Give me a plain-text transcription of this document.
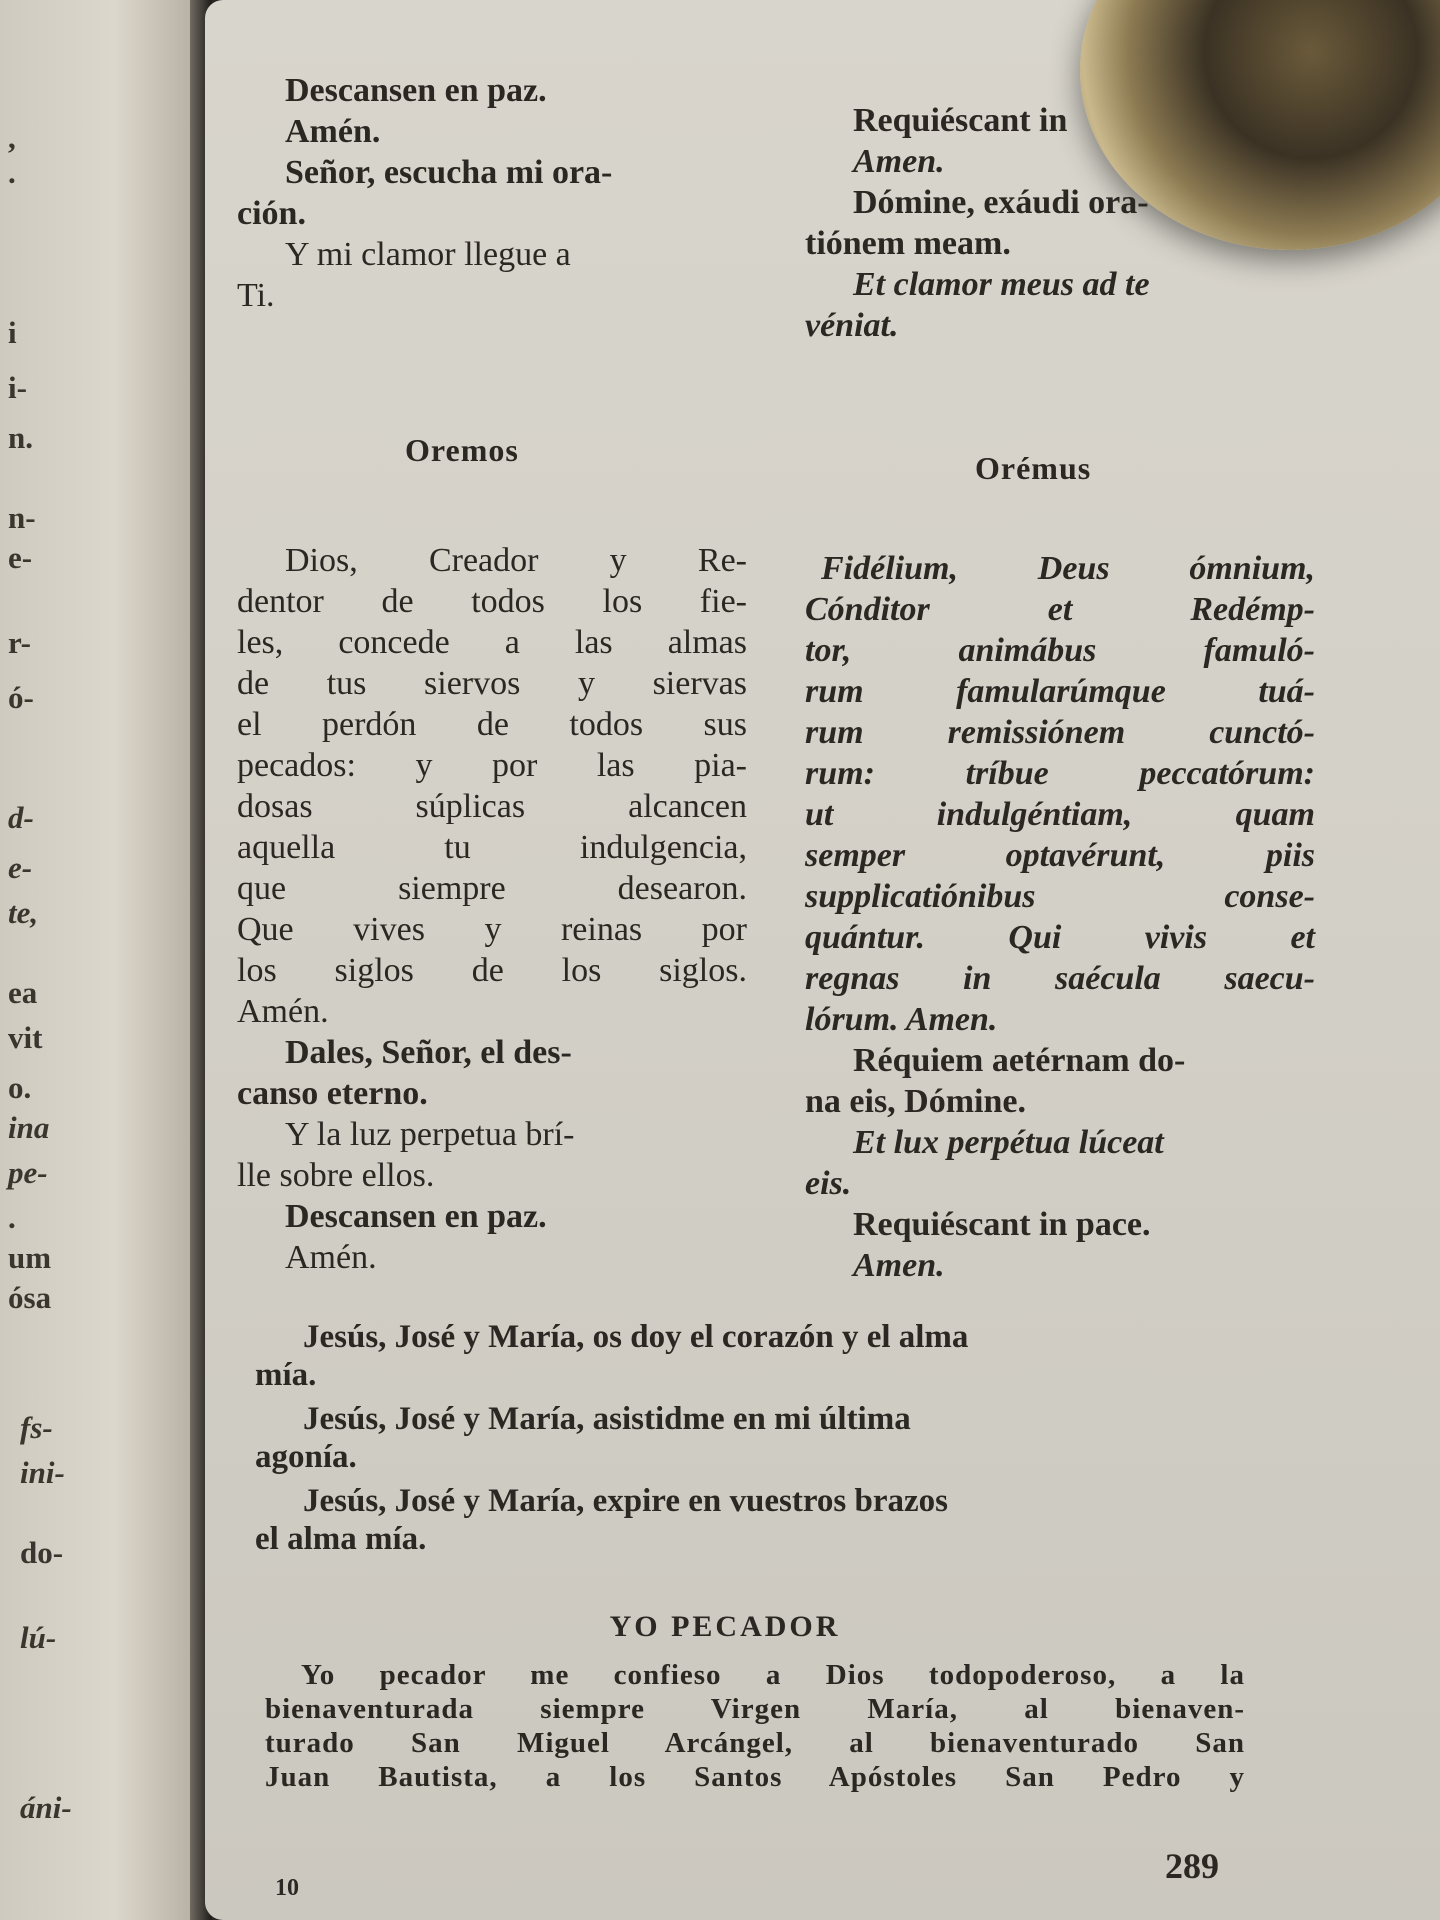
,
.
i
i-
n.
n-
e-
r-
ó-
d-
e-
te,
ea
vit
o.
ina
pe-
.
um
ósa
fs-
ini-
do-
lú-
áni-

Descansen en paz.

Amén.

Señor, escucha mi ora-

ción.

Y mi clamor llegue a

Ti.

Requiéscant in

Amen.

Dómine, exáudi ora-

tiónem meam.

Et clamor meus ad te

véniat.

Oremos	Orémus

Dios, Creador y Re-

dentor de todos los fie-

les, concede a las almas

de tus siervos y siervas

el perdón de todos sus

pecados: y por las pia-

dosas súplicas alcancen

aquella tu indulgencia,

que siempre desearon.

Que vives y reinas por

los siglos de los siglos.

Amén.

Dales, Señor, el des-

canso eterno.

Y la luz perpetua brí-

lle sobre ellos.

Descansen en paz.

Amén.

Fidélium, Deus ómnium,

Cónditor et Redémp-

tor, animábus famuló-

rum famularúmque tuá-

rum remissiónem cunctó-

rum: tríbue peccatórum:

ut indulgéntiam, quam

semper optavérunt, piis

supplicatiónibus conse-

quántur. Qui vivis et

regnas in saécula saecu-

lórum. Amen.

Réquiem aetérnam do-

na eis, Dómine.

Et lux perpétua lúceat

eis.

Requiéscant in pace.

Amen.

Jesús, José y María, os doy el corazón y el alma
mía.

Jesús, José y María, asistidme en mi última
agonía.

Jesús, José y María, expire en vuestros brazos
el alma mía.

YO PECADOR

Yo pecador me confieso a Dios todopoderoso, a la

bienaventurada siempre Virgen María, al bienaven-

turado San Miguel Arcángel, al bienaventurado San

Juan Bautista, a los Santos Apóstoles San Pedro y

10
289
